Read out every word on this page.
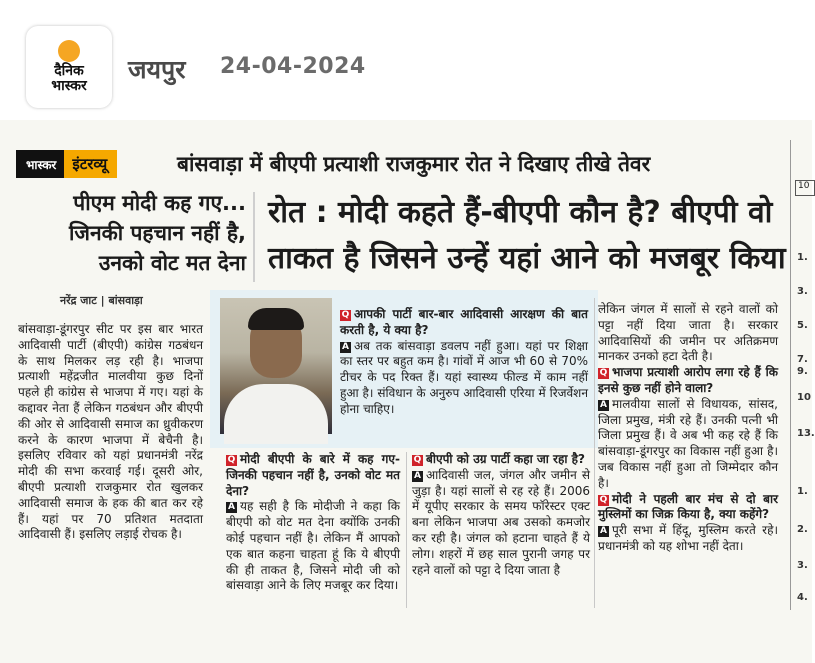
दैनिक
भास्कर
जयपुर 24-04-2024
भास्कर	इंटरव्यू	बांसवाड़ा में बीएपी प्रत्याशी राजकुमार रोत ने दिखाए तीखे तेवर
पीएम मोदी कह गए...
जिनकी पहचान नहीं है,
उनको वोट मत देना
रोत : मोदी कहते हैं-बीएपी कौन है? बीएपी वो
ताकत है जिसने उन्हें यहां आने को मजबूर किया
नरेंद्र जाट | बांसवाड़ा
बांसवाड़ा-डूंगरपुर सीट पर इस बार भारत आदिवासी पार्टी (बीएपी) कांग्रेस गठबंधन के साथ मिलकर लड़ रही है। भाजपा प्रत्याशी महेंद्रजीत मालवीया कुछ दिनों पहले ही कांग्रेस से भाजपा में गए। यहां के कद्दावर नेता हैं लेकिन गठबंधन और बीएपी की ओर से आदिवासी समाज का ध्रुवीकरण करने के कारण भाजपा में बेचैनी है। इसलिए रविवार को यहां प्रधानमंत्री नरेंद्र मोदी की सभा करवाई गई। दूसरी ओर, बीएपी प्रत्याशी राजकुमार रोत खुलकर आदिवासी समाज के हक की बात कर रहे हैं। यहां पर 70 प्रतिशत मतदाता आदिवासी हैं। इसलिए लड़ाई रोचक है।

Q आपकी पार्टी बार-बार आदिवासी आरक्षण की बात करती है, ये क्या है?

A अब तक बांसवाड़ा डवलप नहीं हुआ। यहां पर शिक्षा का स्तर पर बहुत कम है। गांवों में आज भी 60 से 70% टीचर के पद रिक्त हैं। यहां स्वास्थ्य फील्ड में काम नहीं हुआ है। संविधान के अनुरुप आदिवासी एरिया में रिजर्वेशन होना चाहिए।

Q मोदी बीएपी के बारे में कह गए-जिनकी पहचान नहीं है, उनको वोट मत देना?

A यह सही है कि मोदीजी ने कहा कि बीएपी को वोट मत देना क्योंकि उनकी कोई पहचान नहीं है। लेकिन मैं आपको एक बात कहना चाहता हूं कि ये बीएपी की ही ताकत है, जिसने मोदी जी को बांसवाड़ा आने के लिए मजबूर कर दिया।

Q बीएपी को उग्र पार्टी कहा जा रहा है?

A आदिवासी जल, जंगल और जमीन से जुड़ा है। यहां सालों से रह रहे हैं। 2006 में यूपीए सरकार के समय फॉरेस्टर एक्ट बना लेकिन भाजपा अब उसको कमजोर कर रही है। जंगल को हटाना चाहते हैं ये लोग। शहरों में छह साल पुरानी जगह पर रहने वालों को पट्टा दे दिया जाता है

लेकिन जंगल में सालों से रहने वालों को पट्टा नहीं दिया जाता है। सरकार आदिवासियों की जमीन पर अतिक्रमण मानकर उनको हटा देती है।

Q भाजपा प्रत्याशी आरोप लगा रहे हैं कि इनसे कुछ नहीं होने वाला?

A मालवीया सालों से विधायक, सांसद, जिला प्रमुख, मंत्री रहे हैं। उनकी पत्नी भी जिला प्रमुख हैं। वे अब भी कह रहे हैं कि बांसवाड़ा-डूंगरपुर का विकास नहीं हुआ है। जब विकास नहीं हुआ तो जिम्मेदार कौन है।

Q मोदी ने पहली बार मंच से दो बार मुस्लिमों का जिक्र किया है, क्या कहेंगे?

A पूरी सभा में हिंदू, मुस्लिम करते रहे। प्रधानमंत्री को यह शोभा नहीं देता।

10
1.
3.
5.
7.
9.
10
13.
1.
2.
3.
4.
